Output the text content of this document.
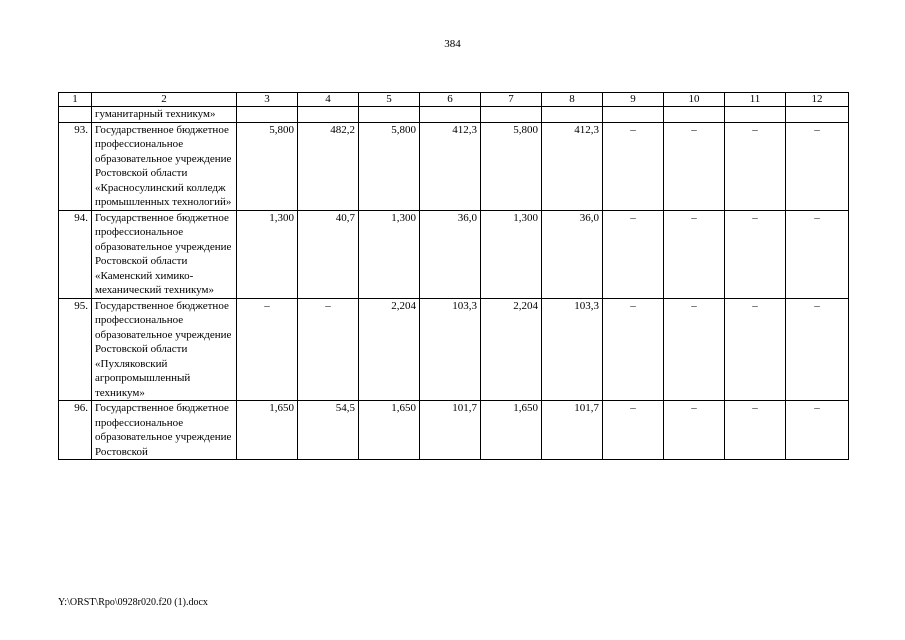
384
1	2	3	4	5	6	7	8	9	10	11	12
	гуманитарный техникум»										
93.	Государственное бюджетное профессиональное образовательное учреждение Ростовской области «Красносулинский колледж промышленных технологий»	5,800	482,2	5,800	412,3	5,800	412,3	–	–	–	–
94.	Государственное бюджетное профессиональное образовательное учреждение Ростовской области «Каменский химико-механический техникум»	1,300	40,7	1,300	36,0	1,300	36,0	–	–	–	–
95.	Государственное бюджетное профессиональное образовательное учреждение Ростовской области «Пухляковский агропромышленный техникум»	–	–	2,204	103,3	2,204	103,3	–	–	–	–
96.	Государственное бюджетное профессиональное образовательное учреждение Ростовской	1,650	54,5	1,650	101,7	1,650	101,7	–	–	–	–
Y:\ORST\Rpo\0928r020.f20 (1).docx
